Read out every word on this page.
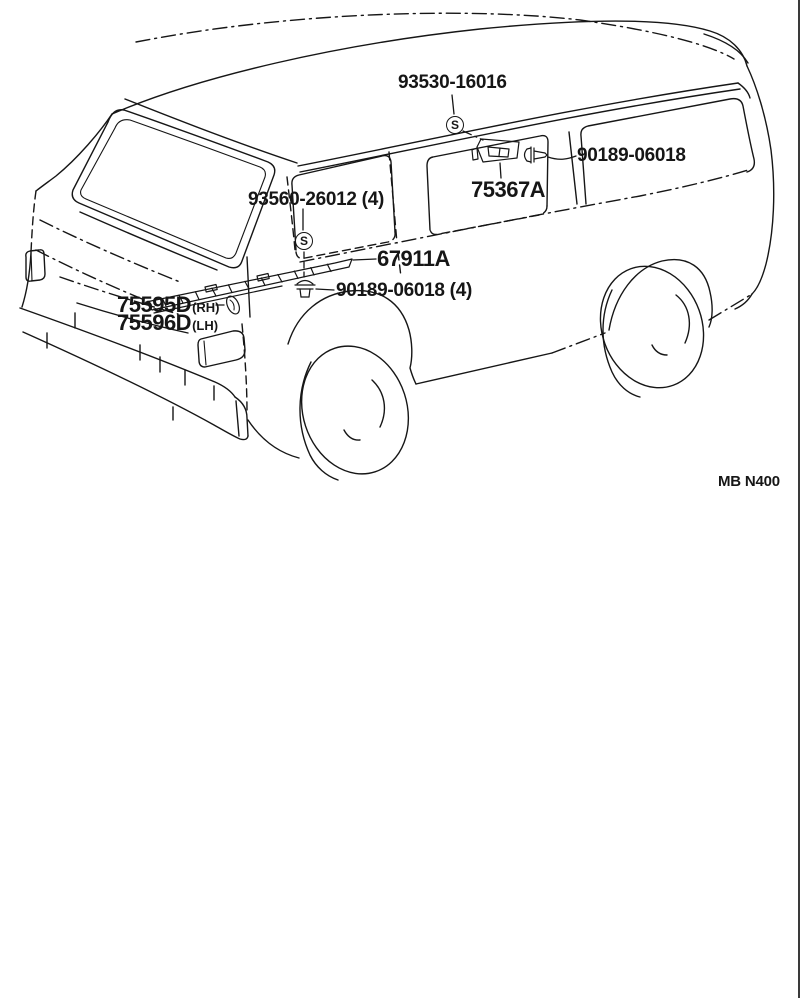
93530-16016
90189-06018
75367A
93560-26012 (4)
67911A
90189-06018 (4)
75595D(RH)
75596D(LH)
S
S
MB N400
